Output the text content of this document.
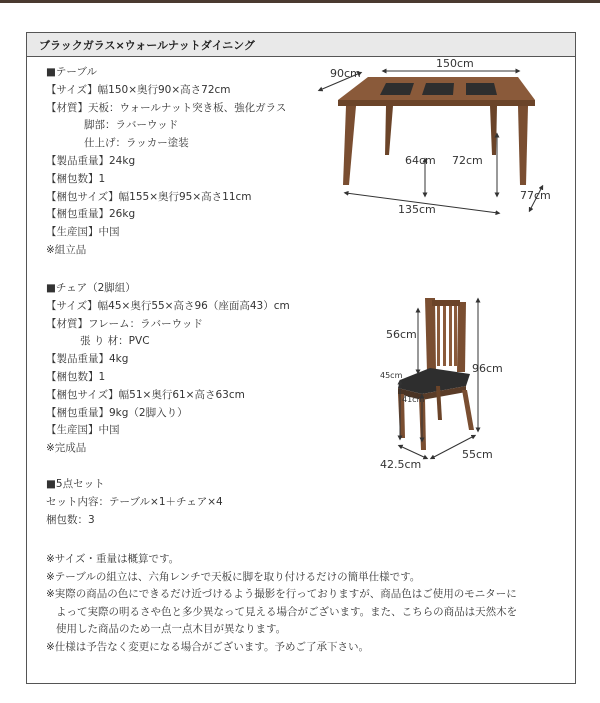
ブラックガラス×ウォールナットダイニング
■テーブル
【サイズ】幅150×奥行90×高さ72cm
【材質】天板：ウォールナット突き板、強化ガラス
脚部：ラバーウッド
仕上げ：ラッカー塗装
【製品重量】24kg
【梱包数】1
【梱包サイズ】幅155×奥行95×高さ11cm
【梱包重量】26kg
【生産国】中国
※組立品
■チェア（2脚組）
【サイズ】幅45×奥行55×高さ96（座面高43）cm
【材質】フレーム：ラバーウッド
張 り 材：PVC
【製品重量】4kg
【梱包数】1
【梱包サイズ】幅51×奥行61×高さ63cm
【梱包重量】9kg（2脚入り）
【生産国】中国
※完成品
■5点セット
セット内容：テーブル×1＋チェア×4
梱包数：3
※サイズ・重量は概算です。
※テーブルの組立は、六角レンチで天板に脚を取り付けるだけの簡単仕様です。
※実際の商品の色にできるだけ近づけるよう撮影を行っておりますが、商品色はご使用のモニターに
よって実際の明るさや色と多少異なって見える場合がございます。また、こちらの商品は天然木を
使用した商品のため一点一点木目が異なります。
※仕様は予告なく変更になる場合がございます。予めご了承下さい。
90cm
150cm
64cm 72cm
135cm
77cm
56cm
96cm
45cm
41cm
42.5cm
55cm
